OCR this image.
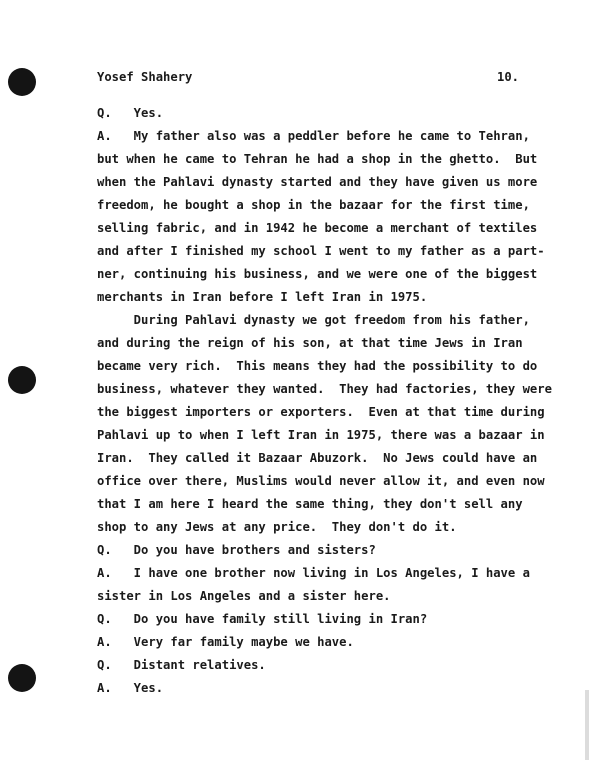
Yosef Shahery	10.
Q.   Yes.
A.   My father also was a peddler before he came to Tehran,
but when he came to Tehran he had a shop in the ghetto.  But
when the Pahlavi dynasty started and they have given us more
freedom, he bought a shop in the bazaar for the first time,
selling fabric, and in 1942 he become a merchant of textiles
and after I finished my school I went to my father as a part-
ner, continuing his business, and we were one of the biggest
merchants in Iran before I left Iran in 1975.
During Pahlavi dynasty we got freedom from his father,
and during the reign of his son, at that time Jews in Iran
became very rich.  This means they had the possibility to do
business, whatever they wanted.  They had factories, they were
the biggest importers or exporters.  Even at that time during
Pahlavi up to when I left Iran in 1975, there was a bazaar in
Iran.  They called it Bazaar Abuzork.  No Jews could have an
office over there, Muslims would never allow it, and even now
that I am here I heard the same thing, they don't sell any
shop to any Jews at any price.  They don't do it.
Q.   Do you have brothers and sisters?
A.   I have one brother now living in Los Angeles, I have a
sister in Los Angeles and a sister here.
Q.   Do you have family still living in Iran?
A.   Very far family maybe we have.
Q.   Distant relatives.
A.   Yes.
